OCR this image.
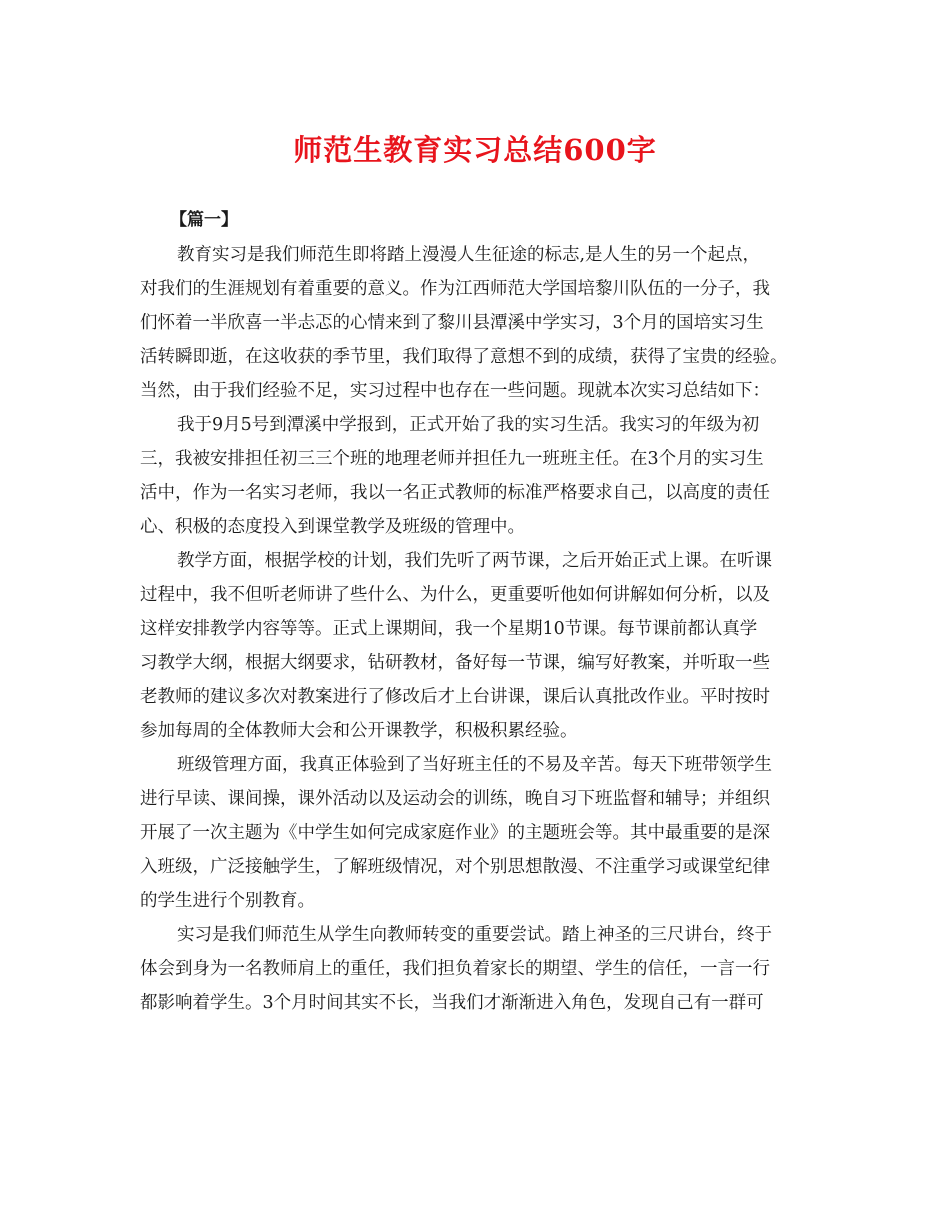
师范生教育实习总结600字

【篇一】

教育实习是我们师范生即将踏上漫漫人生征途的标志,是人生的另一个起点，

对我们的生涯规划有着重要的意义。作为江西师范大学国培黎川队伍的一分子，我

们怀着一半欣喜一半忐忑的心情来到了黎川县潭溪中学实习，3个月的国培实习生

活转瞬即逝，在这收获的季节里，我们取得了意想不到的成绩，获得了宝贵的经验。

当然，由于我们经验不足，实习过程中也存在一些问题。现就本次实习总结如下：

我于9月5号到潭溪中学报到，正式开始了我的实习生活。我实习的年级为初

三，我被安排担任初三三个班的地理老师并担任九一班班主任。在3个月的实习生

活中，作为一名实习老师，我以一名正式教师的标准严格要求自己，以高度的责任

心、积极的态度投入到课堂教学及班级的管理中。

教学方面，根据学校的计划，我们先听了两节课，之后开始正式上课。在听课

过程中，我不但听老师讲了些什么、为什么，更重要听他如何讲解如何分析，以及

这样安排教学内容等等。正式上课期间，我一个星期10节课。每节课前都认真学

习教学大纲，根据大纲要求，钻研教材，备好每一节课，编写好教案，并听取一些

老教师的建议多次对教案进行了修改后才上台讲课，课后认真批改作业。平时按时

参加每周的全体教师大会和公开课教学，积极积累经验。

班级管理方面，我真正体验到了当好班主任的不易及辛苦。每天下班带领学生

进行早读、课间操，课外活动以及运动会的训练，晚自习下班监督和辅导；并组织

开展了一次主题为《中学生如何完成家庭作业》的主题班会等。其中最重要的是深

入班级，广泛接触学生，了解班级情况，对个别思想散漫、不注重学习或课堂纪律

的学生进行个别教育。

实习是我们师范生从学生向教师转变的重要尝试。踏上神圣的三尺讲台，终于

体会到身为一名教师肩上的重任，我们担负着家长的期望、学生的信任，一言一行

都影响着学生。3个月时间其实不长，当我们才渐渐进入角色，发现自己有一群可
